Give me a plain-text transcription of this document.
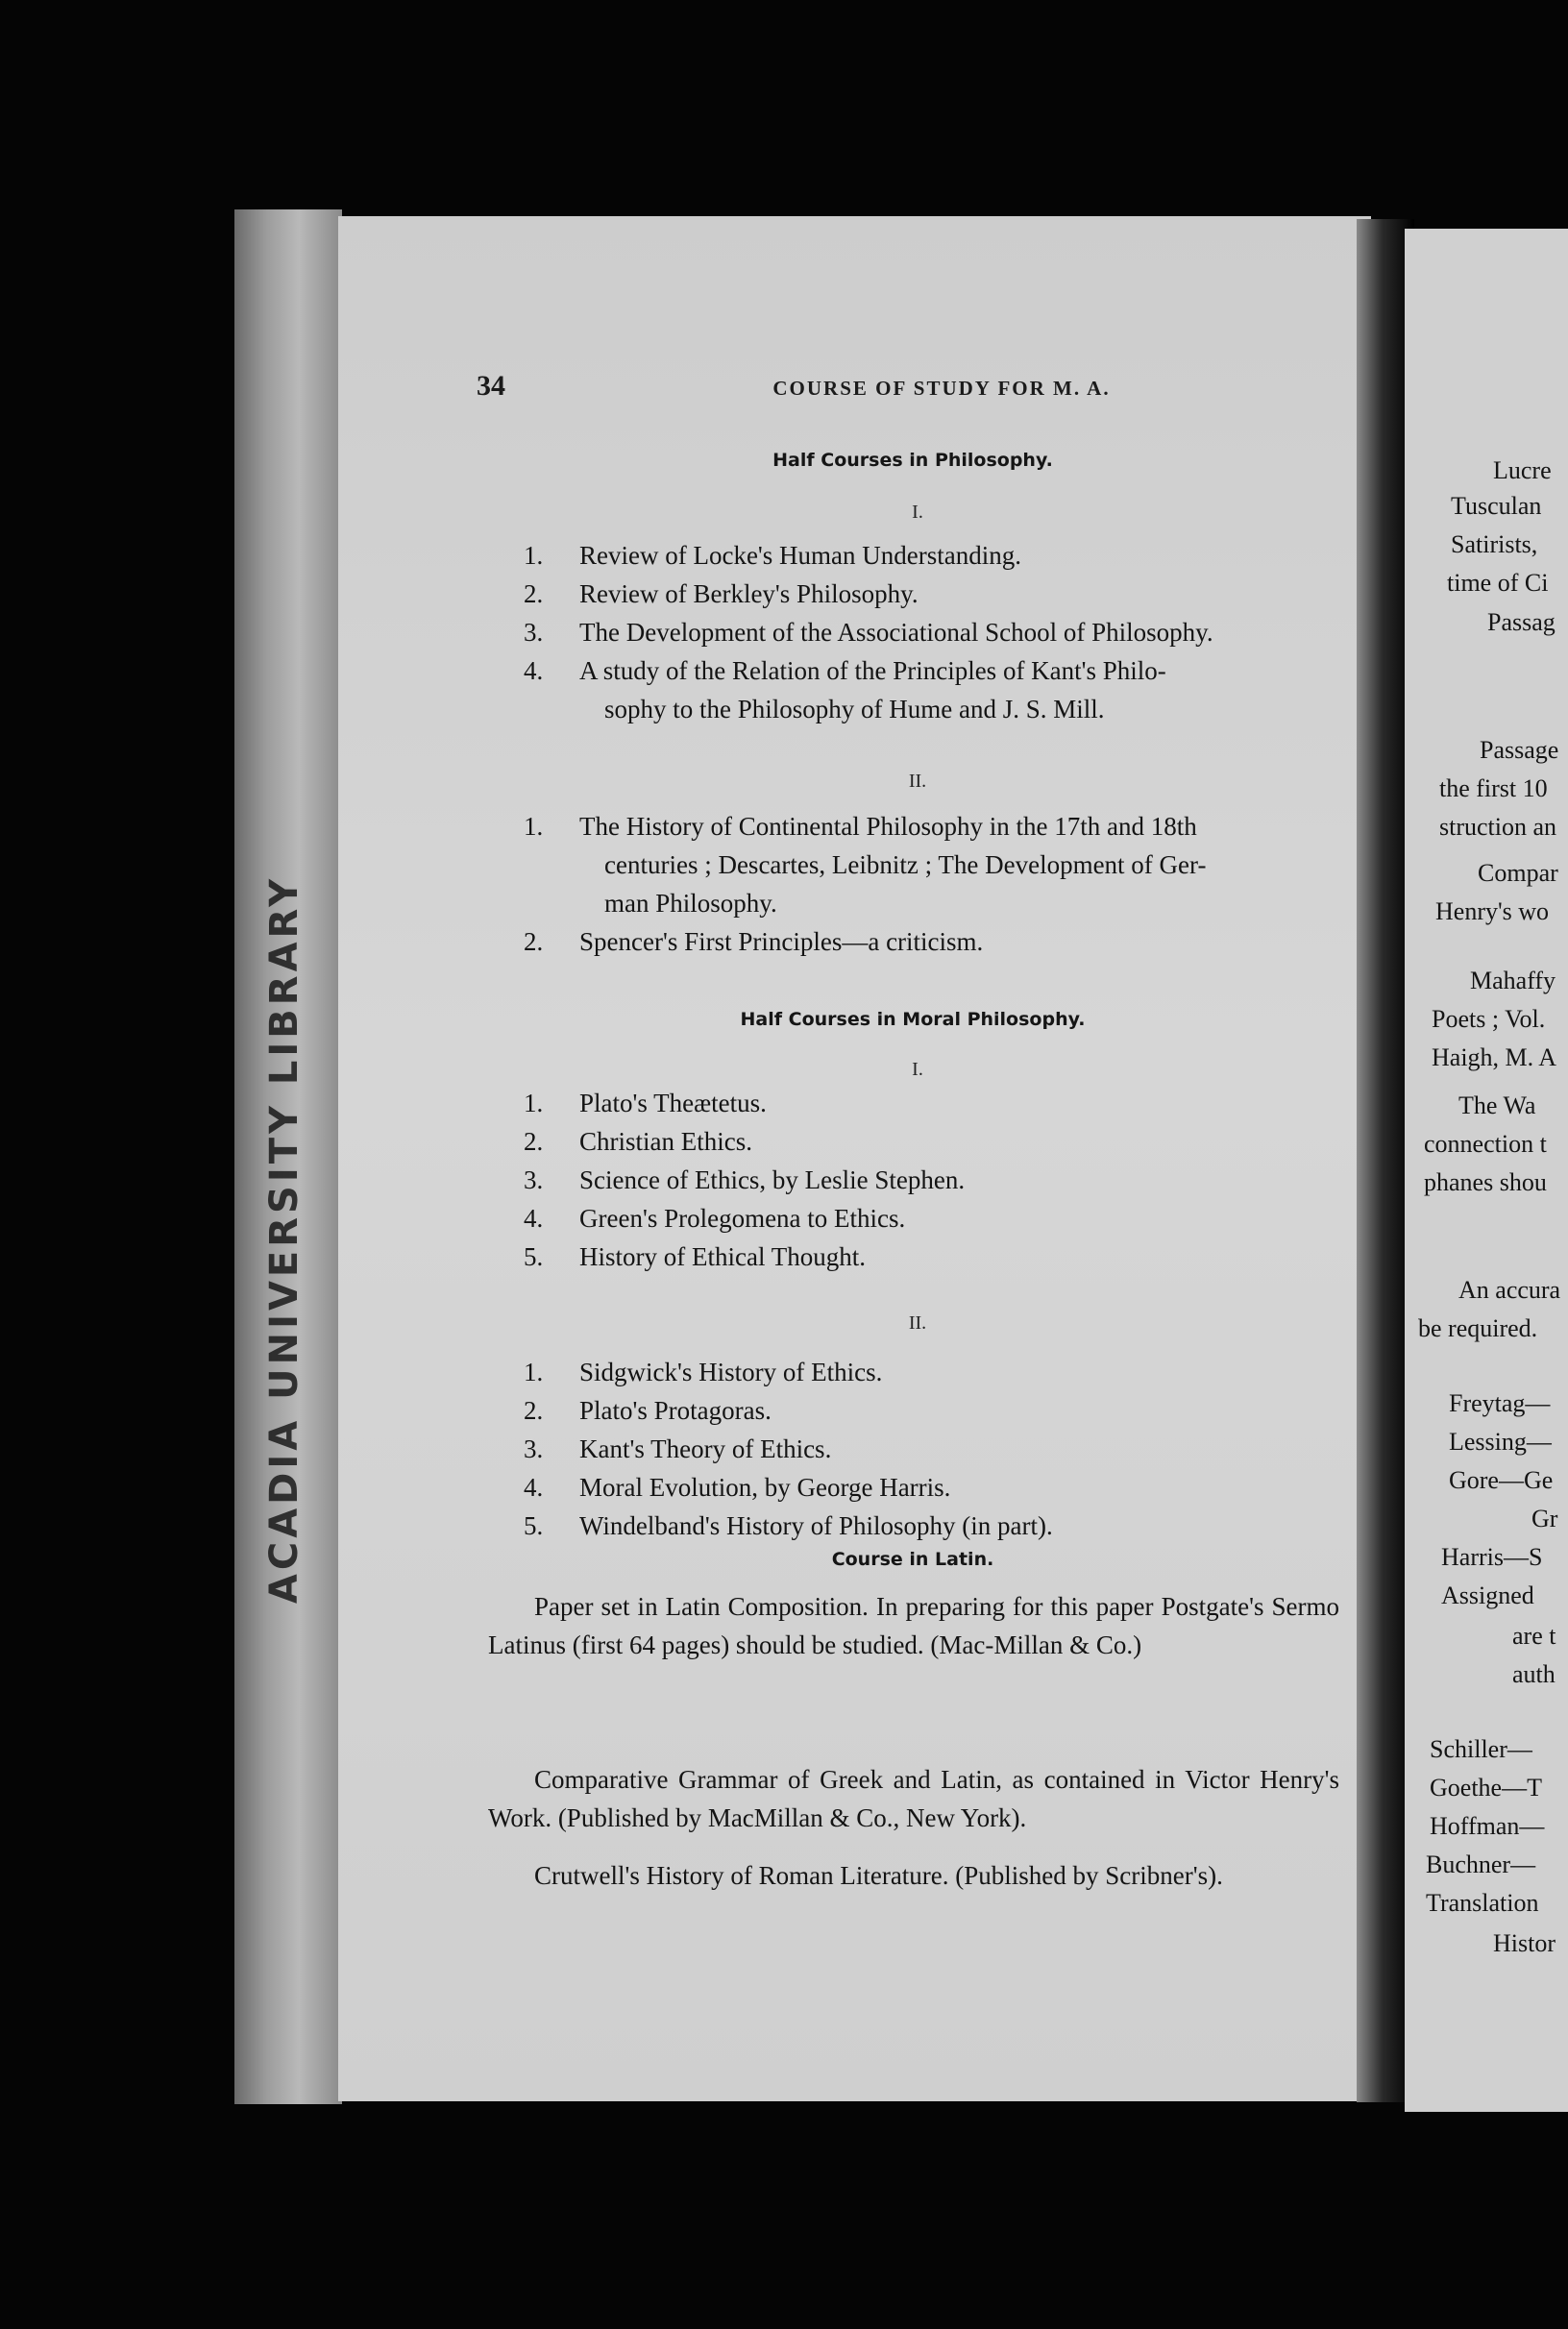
ACADIA UNIVERSITY LIBRARY
Lucre
Tusculan
Satirists,
time of Ci
Passag
Passage
the first 10
struction an
Compar
Henry's wo
Mahaffy
Poets ; Vol.
Haigh, M. A
The Wa
connection t
phanes shou
An accura
be required.
Freytag—
Lessing—
Gore—Ge
Gr
Harris—S
Assigned
are t
auth
Schiller—
Goethe—T
Hoffman—
Buchner—
Translation
Histor
34	COURSE OF STUDY FOR M. A.
Half Courses in Philosophy.
I.
1. Review of Locke's Human Understanding.
2. Review of Berkley's Philosophy.
3. The Development of the Associational School of Philosophy.
4. A study of the Relation of the Principles of Kant's Philo-
sophy to the Philosophy of Hume and J. S. Mill.
II.
1. The History of Continental Philosophy in the 17th and 18th
centuries ; Descartes, Leibnitz ; The Development of Ger-
man Philosophy.
2. Spencer's First Principles—a criticism.
Half Courses in Moral Philosophy.
I.
1. Plato's Theætetus.
2. Christian Ethics.
3. Science of Ethics, by Leslie Stephen.
4. Green's Prolegomena to Ethics.
5. History of Ethical Thought.
II.
1. Sidgwick's History of Ethics.
2. Plato's Protagoras.
3. Kant's Theory of Ethics.
4. Moral Evolution, by George Harris.
5. Windelband's History of Philosophy (in part).
Course in Latin.
Paper set in Latin Composition. In preparing for this paper Postgate's Sermo Latinus (first 64 pages) should be studied. (Mac-Millan & Co.)
Comparative Grammar of Greek and Latin, as contained in Victor Henry's Work. (Published by MacMillan & Co., New York).
Crutwell's History of Roman Literature. (Published by Scribner's).
